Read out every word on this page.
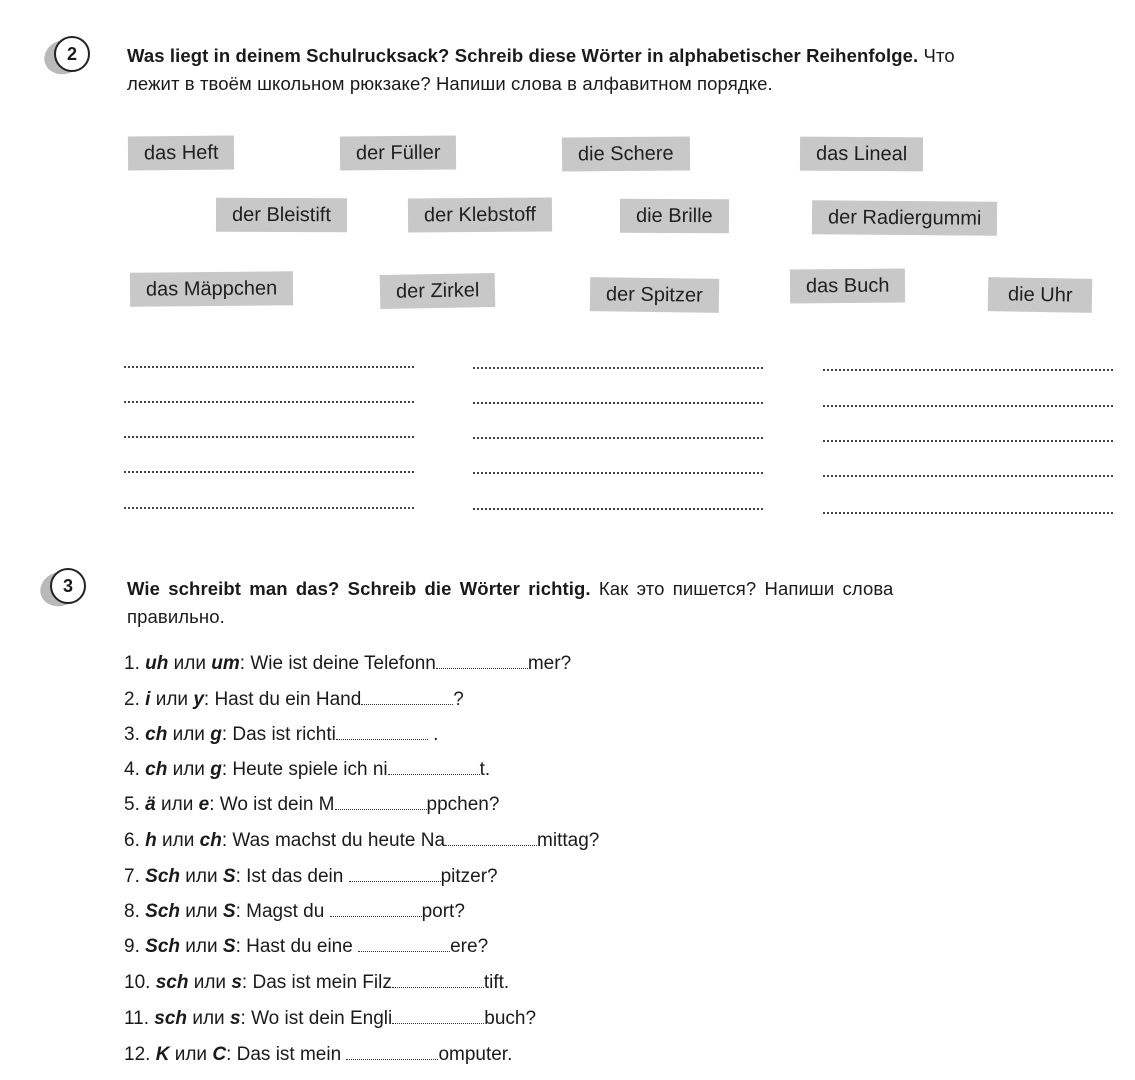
2	Was liegt in deinem Schulrucksack? Schreib diese Wörter in alphabetischer Reihenfolge. Что
лежит в твоём школьном рюкзаке? Напиши слова в алфавитном порядке.
das Heft	der Füller	die Schere	das Lineal
der Bleistift	der Klebstoff	die Brille	der Radiergummi
das Mäppchen	der Zirkel	der Spitzer	das Buch	die Uhr
3	Wie schreibt man das? Schreib die Wörter richtig. Как это пишется? Напиши слова
правильно.
1. uh или um: Wie ist deine Telefonn	mer?
2. i или y: Hast du ein Hand	?
3. ch или g: Das ist richti	.
4. ch или g: Heute spiele ich ni	t.
5. ä или e: Wo ist dein M	ppchen?
6. h или ch: Was machst du heute Na	mittag?
7. Sch или S: Ist das dein	pitzer?
8. Sch или S: Magst du	port?
9. Sch или S: Hast du eine	ere?
10. sch или s: Das ist mein Filz	tift.
11. sch или s: Wo ist dein Engli	buch?
12. K или C: Das ist mein	omputer.
